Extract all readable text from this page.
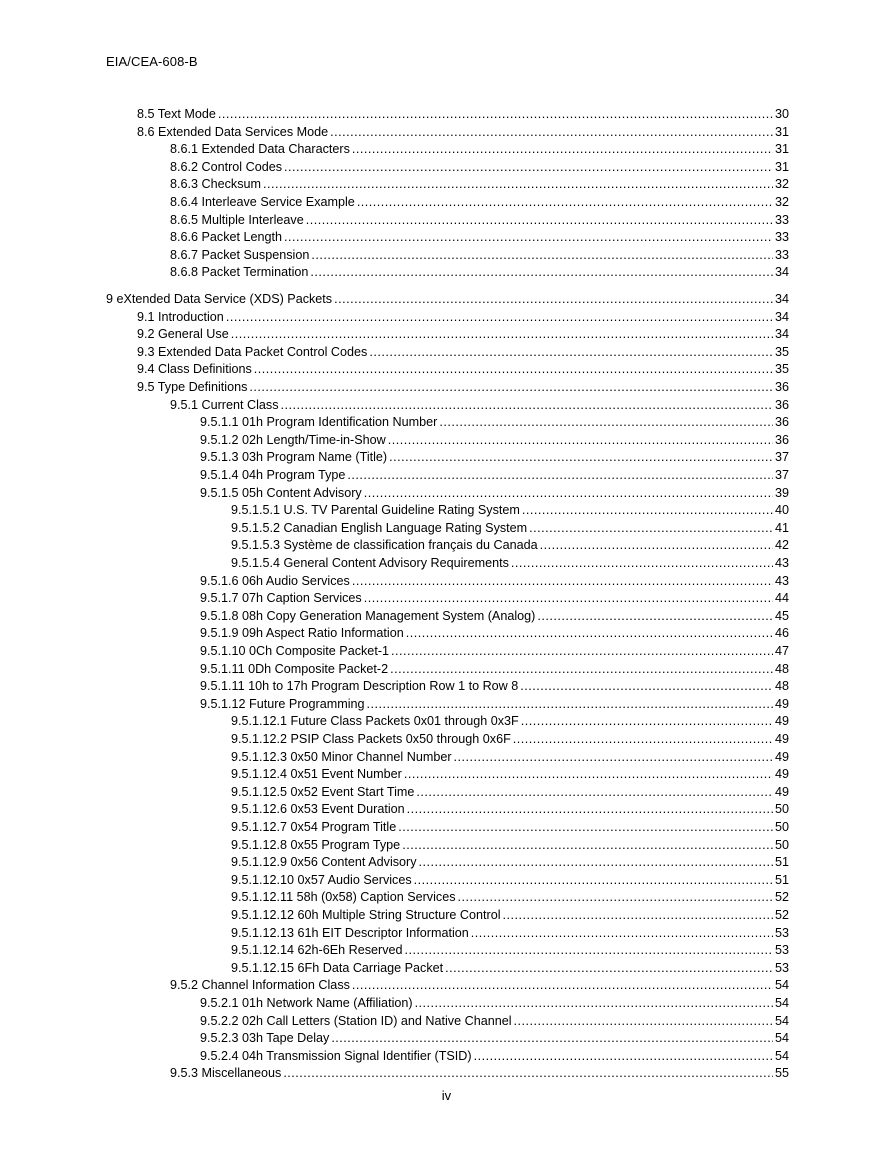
EIA/CEA-608-B
8.5 Text Mode .....	30
8.6 Extended Data Services Mode .....	31
8.6.1 Extended Data Characters .....	31
8.6.2 Control Codes .....	31
8.6.3 Checksum .....	32
8.6.4 Interleave Service Example .....	32
8.6.5 Multiple Interleave .....	33
8.6.6 Packet Length .....	33
8.6.7 Packet Suspension .....	33
8.6.8 Packet Termination .....	34
9 eXtended Data Service (XDS) Packets .....	34
9.1 Introduction .....	34
9.2 General Use .....	34
9.3 Extended Data Packet Control Codes .....	35
9.4 Class Definitions .....	35
9.5 Type Definitions .....	36
9.5.1 Current Class .....	36
9.5.1.1 01h Program Identification Number .....	36
9.5.1.2 02h Length/Time-in-Show .....	36
9.5.1.3 03h Program Name (Title) .....	37
9.5.1.4 04h Program Type .....	37
9.5.1.5 05h Content Advisory .....	39
9.5.1.5.1 U.S. TV Parental Guideline Rating System .....	40
9.5.1.5.2 Canadian English Language Rating System .....	41
9.5.1.5.3 Système de classification français du Canada .....	42
9.5.1.5.4 General Content Advisory Requirements .....	43
9.5.1.6 06h Audio Services .....	43
9.5.1.7 07h Caption Services .....	44
9.5.1.8 08h Copy Generation Management System (Analog) .....	45
9.5.1.9 09h Aspect Ratio Information .....	46
9.5.1.10 0Ch Composite Packet-1 .....	47
9.5.1.11 0Dh Composite Packet-2 .....	48
9.5.1.11 10h to 17h Program Description Row 1 to Row 8 .....	48
9.5.1.12 Future Programming .....	49
9.5.1.12.1 Future Class Packets 0x01 through 0x3F .....	49
9.5.1.12.2 PSIP Class Packets 0x50 through 0x6F .....	49
9.5.1.12.3 0x50 Minor Channel Number .....	49
9.5.1.12.4 0x51 Event Number .....	49
9.5.1.12.5 0x52 Event Start Time .....	49
9.5.1.12.6 0x53 Event Duration .....	50
9.5.1.12.7 0x54 Program Title .....	50
9.5.1.12.8 0x55 Program Type .....	50
9.5.1.12.9 0x56 Content Advisory .....	51
9.5.1.12.10 0x57 Audio Services .....	51
9.5.1.12.11 58h (0x58) Caption Services .....	52
9.5.1.12.12 60h Multiple String Structure Control .....	52
9.5.1.12.13 61h EIT Descriptor Information .....	53
9.5.1.12.14 62h-6Eh Reserved .....	53
9.5.1.12.15 6Fh Data Carriage Packet .....	53
9.5.2 Channel Information Class .....	54
9.5.2.1 01h Network Name (Affiliation) .....	54
9.5.2.2 02h Call Letters (Station ID) and Native Channel .....	54
9.5.2.3 03h Tape Delay .....	54
9.5.2.4 04h Transmission Signal Identifier (TSID) .....	54
9.5.3 Miscellaneous .....	55
iv
